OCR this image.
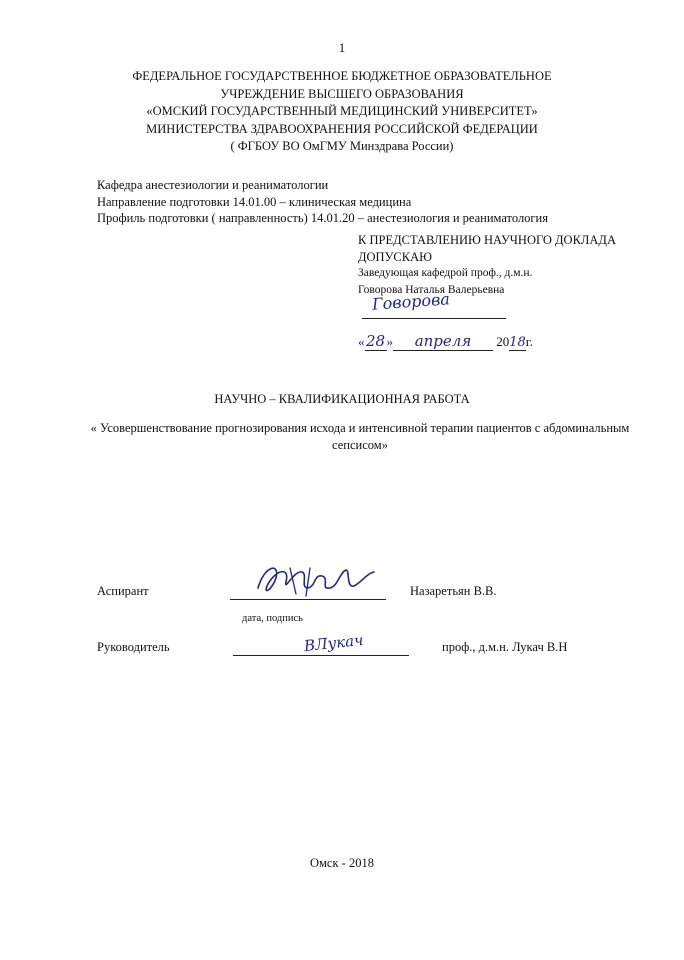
1
ФЕДЕРАЛЬНОЕ ГОСУДАРСТВЕННОЕ БЮДЖЕТНОЕ ОБРАЗОВАТЕЛЬНОЕ
УЧРЕЖДЕНИЕ ВЫСШЕГО ОБРАЗОВАНИЯ
«ОМСКИЙ ГОСУДАРСТВЕННЫЙ МЕДИЦИНСКИЙ УНИВЕРСИТЕТ»
МИНИСТЕРСТВА ЗДРАВООХРАНЕНИЯ РОССИЙСКОЙ ФЕДЕРАЦИИ
( ФГБОУ ВО ОмГМУ Минздрава России)
Кафедра анестезиологии и реаниматологии
Направление подготовки 14.01.00 – клиническая медицина
Профиль подготовки ( направленность) 14.01.20 – анестезиология и реаниматология
К ПРЕДСТАВЛЕНИЮ НАУЧНОГО ДОКЛАДА
ДОПУСКАЮ
Заведующая кафедрой проф., д.м.н.
Говорова Наталья Валерьевна
Говорова
«28» апреля 2018г.
НАУЧНО – КВАЛИФИКАЦИОННАЯ РАБОТА
« Усовершенствование прогнозирования исхода и интенсивной терапии пациентов с абдоминальным сепсисом»
Аспирант	Назаретьян В.В.
дата, подпись
Руководитель	ВЛукач	проф., д.м.н. Лукач В.Н
Омск - 2018
